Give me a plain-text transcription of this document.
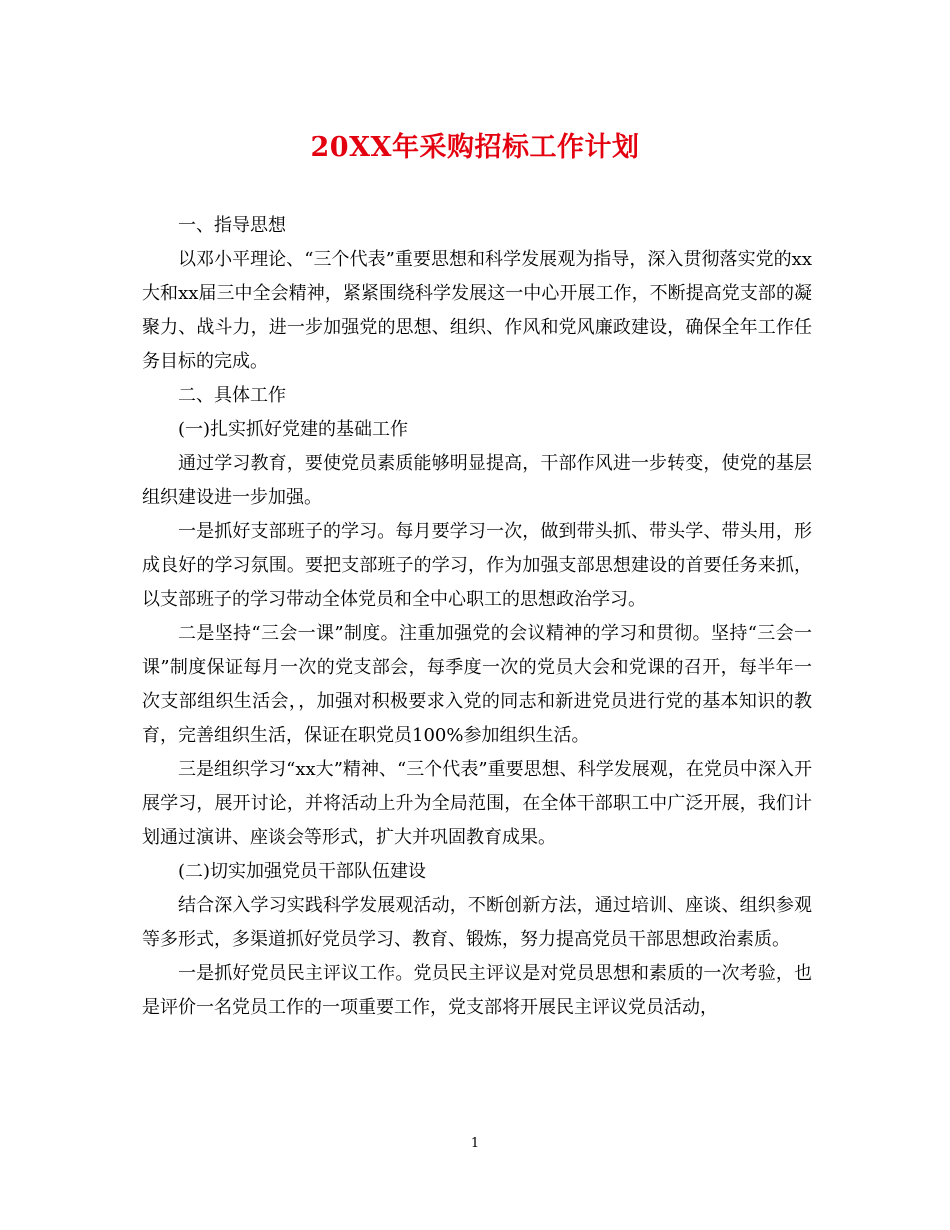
20XX年采购招标工作计划

一、指导思想

以邓小平理论、“三个代表”重要思想和科学发展观为指导，深入贯彻落实党的xx大和xx届三中全会精神，紧紧围绕科学发展这一中心开展工作，不断提高党支部的凝聚力、战斗力，进一步加强党的思想、组织、作风和党风廉政建设，确保全年工作任务目标的完成。

二、具体工作

(一)扎实抓好党建的基础工作

通过学习教育，要使党员素质能够明显提高，干部作风进一步转变，使党的基层组织建设进一步加强。

一是抓好支部班子的学习。每月要学习一次，做到带头抓、带头学、带头用，形成良好的学习氛围。要把支部班子的学习，作为加强支部思想建设的首要任务来抓，以支部班子的学习带动全体党员和全中心职工的思想政治学习。

二是坚持“三会一课”制度。注重加强党的会议精神的学习和贯彻。坚持“三会一课”制度保证每月一次的党支部会，每季度一次的党员大会和党课的召开，每半年一次支部组织生活会，，加强对积极要求入党的同志和新进党员进行党的基本知识的教育，完善组织生活，保证在职党员100%参加组织生活。

三是组织学习“xx大”精神、“三个代表”重要思想、科学发展观，在党员中深入开展学习，展开讨论，并将活动上升为全局范围，在全体干部职工中广泛开展，我们计划通过演讲、座谈会等形式，扩大并巩固教育成果。

(二)切实加强党员干部队伍建设

结合深入学习实践科学发展观活动，不断创新方法，通过培训、座谈、组织参观等多形式，多渠道抓好党员学习、教育、锻炼，努力提高党员干部思想政治素质。

一是抓好党员民主评议工作。党员民主评议是对党员思想和素质的一次考验，也是评价一名党员工作的一项重要工作，党支部将开展民主评议党员活动，

1
